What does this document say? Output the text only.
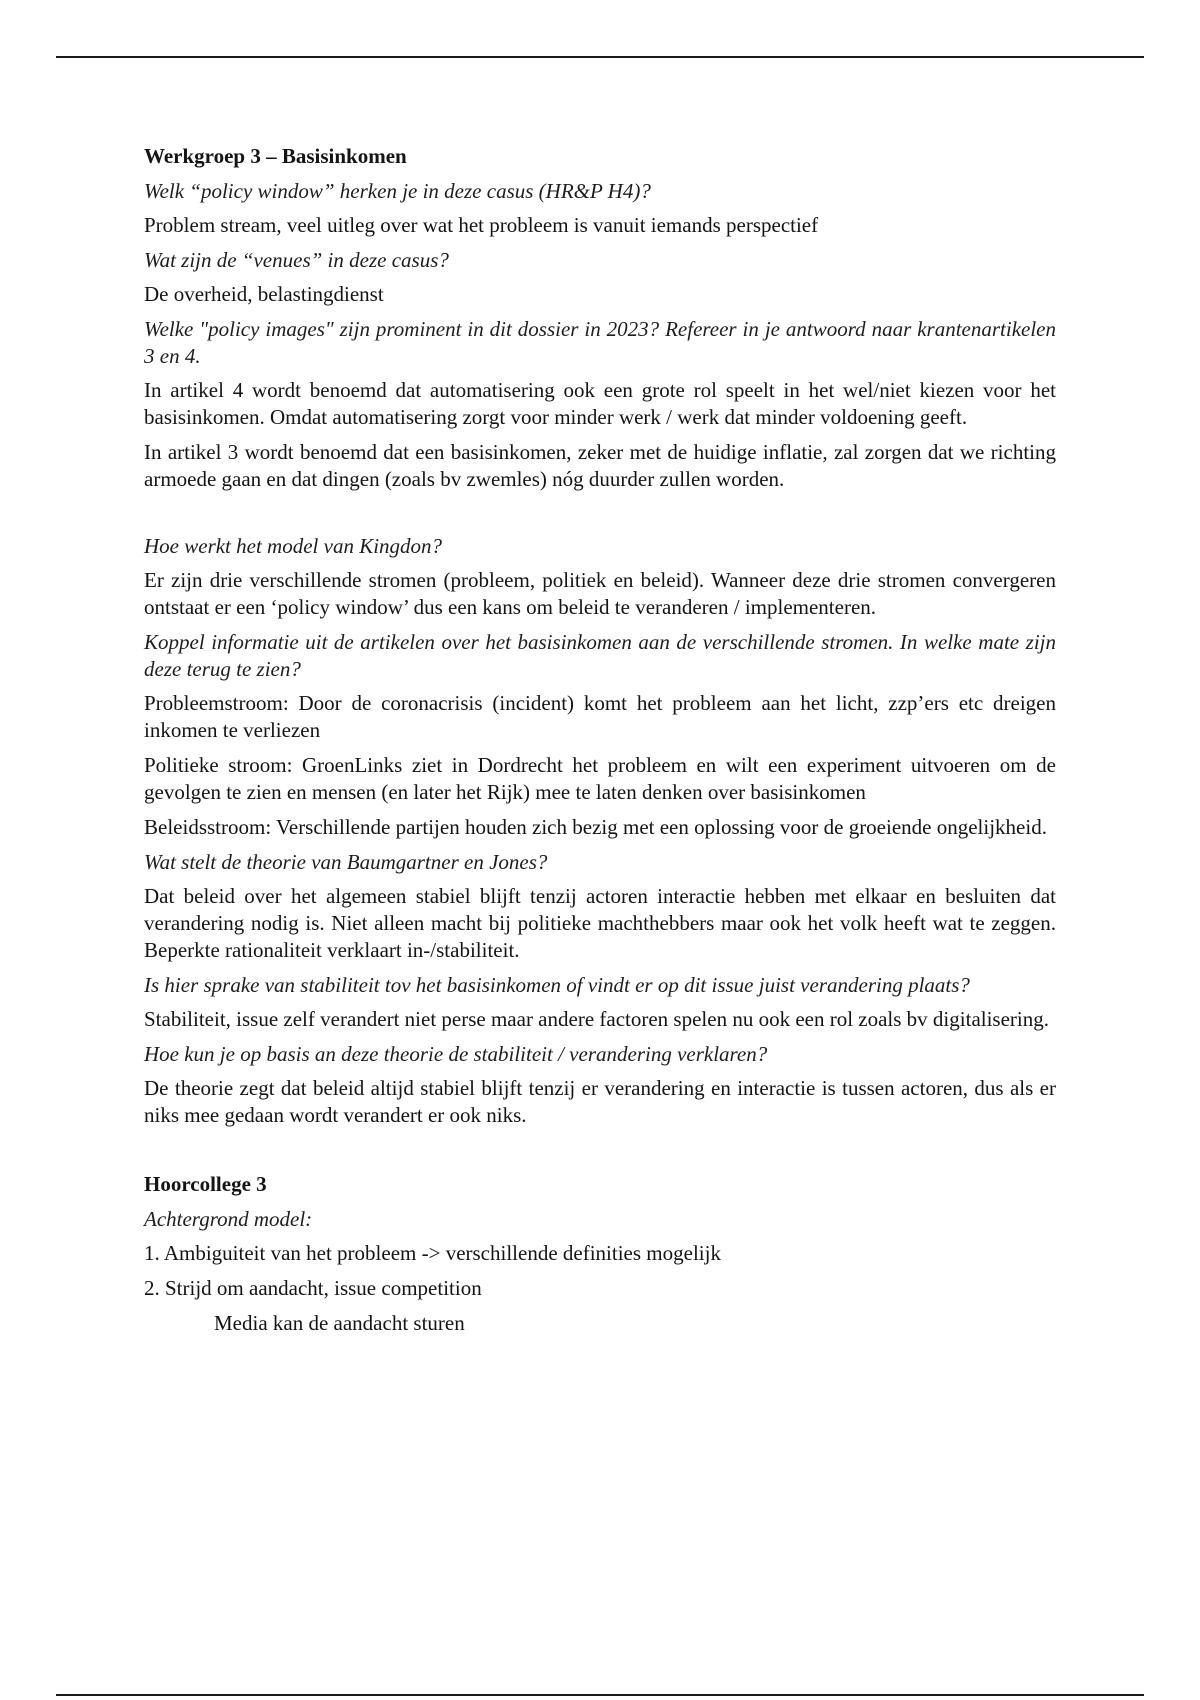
Werkgroep 3 – Basisinkomen

Welk “policy window” herken je in deze casus (HR&P H4)?

Problem stream, veel uitleg over wat het probleem is vanuit iemands perspectief

Wat zijn de “venues” in deze casus?

De overheid, belastingdienst

Welke "policy images" zijn prominent in dit dossier in 2023? Refereer in je antwoord naar krantenartikelen 3 en 4.

In artikel 4 wordt benoemd dat automatisering ook een grote rol speelt in het wel/niet kiezen voor het basisinkomen. Omdat automatisering zorgt voor minder werk / werk dat minder voldoening geeft.

In artikel 3 wordt benoemd dat een basisinkomen, zeker met de huidige inflatie, zal zorgen dat we richting armoede gaan en dat dingen (zoals bv zwemles) nóg duurder zullen worden.

Hoe werkt het model van Kingdon?

Er zijn drie verschillende stromen (probleem, politiek en beleid). Wanneer deze drie stromen convergeren ontstaat er een ‘policy window’ dus een kans om beleid te veranderen / implementeren.

Koppel informatie uit de artikelen over het basisinkomen aan de verschillende stromen. In welke mate zijn deze terug te zien?

Probleemstroom: Door de coronacrisis (incident) komt het probleem aan het licht, zzp’ers etc dreigen inkomen te verliezen

Politieke stroom: GroenLinks ziet in Dordrecht het probleem en wilt een experiment uitvoeren om de gevolgen te zien en mensen (en later het Rijk) mee te laten denken over basisinkomen

Beleidsstroom: Verschillende partijen houden zich bezig met een oplossing voor de groeiende ongelijkheid.

Wat stelt de theorie van Baumgartner en Jones?

Dat beleid over het algemeen stabiel blijft tenzij actoren interactie hebben met elkaar en besluiten dat verandering nodig is. Niet alleen macht bij politieke machthebbers maar ook het volk heeft wat te zeggen. Beperkte rationaliteit verklaart in-/stabiliteit.

Is hier sprake van stabiliteit tov het basisinkomen of vindt er op dit issue juist verandering plaats?

Stabiliteit, issue zelf verandert niet perse maar andere factoren spelen nu ook een rol zoals bv digitalisering.

Hoe kun je op basis an deze theorie de stabiliteit / verandering verklaren?

De theorie zegt dat beleid altijd stabiel blijft tenzij er verandering en interactie is tussen actoren, dus als er niks mee gedaan wordt verandert er ook niks.

Hoorcollege 3

Achtergrond model:

1. Ambiguiteit van het probleem -> verschillende definities mogelijk

2. Strijd om aandacht, issue competition

Media kan de aandacht sturen
